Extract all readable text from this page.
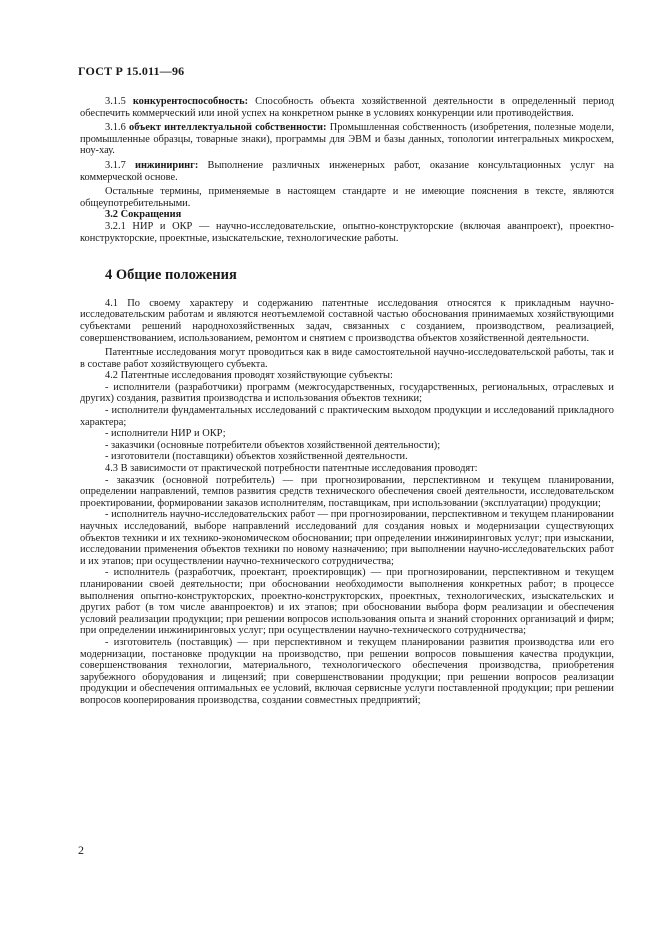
ГОСТ Р 15.011—96

3.1.5 конкурентоспособность: Способность объекта хозяйственной деятельности в определенный период обеспечить коммерческий или иной успех на конкретном рынке в условиях конкуренции или противодействия.

3.1.6 объект интеллектуальной собственности: Промышленная собственность (изобретения, полезные модели, промышленные образцы, товарные знаки), программы для ЭВМ и базы данных, топологии интегральных микросхем, ноу-хау.

3.1.7 инжиниринг: Выполнение различных инженерных работ, оказание консультационных услуг на коммерческой основе.

Остальные термины, применяемые в настоящем стандарте и не имеющие пояснения в тексте, являются общеупотребительными.

3.2 Сокращения

3.2.1 НИР и ОКР — научно-исследовательские, опытно-конструкторские (включая аванпроект), проектно-конструкторские, проектные, изыскательские, технологические работы.

4 Общие положения

4.1 По своему характеру и содержанию патентные исследования относятся к прикладным научно-исследовательским работам и являются неотъемлемой составной частью обоснования принимаемых хозяйствующими субъектами решений народнохозяйственных задач, связанных с созданием, производством, реализацией, совершенствованием, использованием, ремонтом и снятием с производства объектов хозяйственной деятельности.

Патентные исследования могут проводиться как в виде самостоятельной научно-исследовательской работы, так и в составе работ хозяйствующего субъекта.

4.2 Патентные исследования проводят хозяйствующие субъекты:

- исполнители (разработчики) программ (межгосударственных, государственных, региональных, отраслевых и других) создания, развития производства и использования объектов техники;

- исполнители фундаментальных исследований с практическим выходом продукции и исследований прикладного характера;

- исполнители НИР и ОКР;

- заказчики (основные потребители объектов хозяйственной деятельности);

- изготовители (поставщики) объектов хозяйственной деятельности.

4.3 В зависимости от практической потребности патентные исследования проводят:

- заказчик (основной потребитель) — при прогнозировании, перспективном и текущем планировании, определении направлений, темпов развития средств технического обеспечения своей деятельности, исследовательском проектировании, формировании заказов исполнителям, поставщикам, при использовании (эксплуатации) продукции;

- исполнитель научно-исследовательских работ — при прогнозировании, перспективном и текущем планировании научных исследований, выборе направлений исследований для создания новых и модернизации существующих объектов техники и их технико-экономическом обосновании; при определении инжиниринговых услуг; при изыскании, исследовании применения объектов техники по новому назначению; при выполнении научно-исследовательских работ и их этапов; при осуществлении научно-технического сотрудничества;

- исполнитель (разработчик, проектант, проектировщик) — при прогнозировании, перспективном и текущем планировании своей деятельности; при обосновании необходимости выполнения конкретных работ; в процессе выполнения опытно-конструкторских, проектно-конструкторских, проектных, технологических, изыскательских и других работ (в том числе аванпроектов) и их этапов; при обосновании выбора форм реализации и обеспечения условий реализации продукции; при решении вопросов использования опыта и знаний сторонних организаций и фирм; при определении инжиниринговых услуг; при осуществлении научно-технического сотрудничества;

- изготовитель (поставщик) — при перспективном и текущем планировании развития производства или его модернизации, постановке продукции на производство, при решении вопросов повышения качества продукции, совершенствования технологии, материального, технологического обеспечения производства, приобретения зарубежного оборудования и лицензий; при совершенствовании продукции; при решении вопросов реализации продукции и обеспечения оптимальных ее условий, включая сервисные услуги поставленной продукции; при решении вопросов кооперирования производства, создании совместных предприятий;

2
